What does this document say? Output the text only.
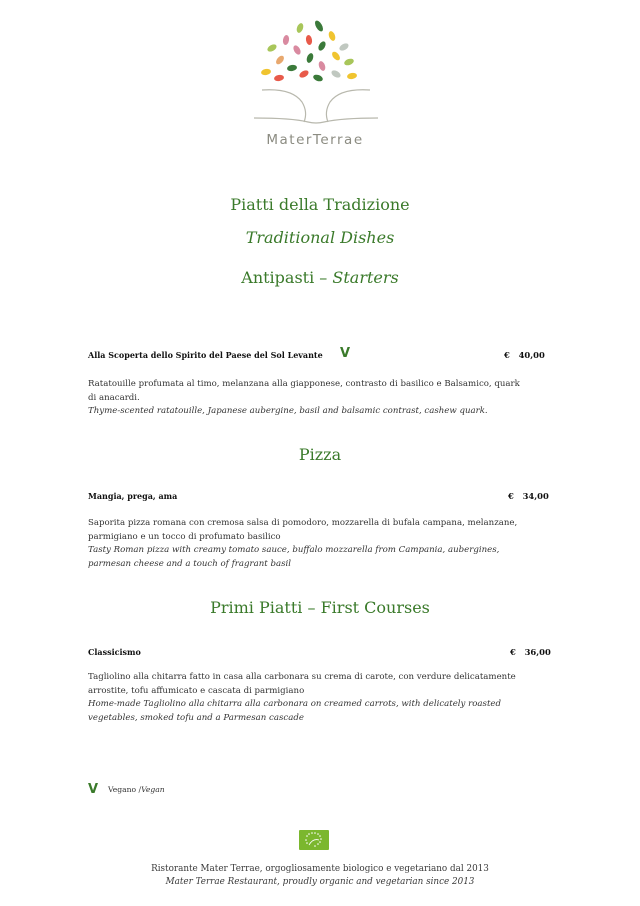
MaterTerrae
Piatti della Tradizione
Traditional Dishes
Antipasti – Starters
Alla Scoperta dello Spirito del Paese del Sol Levante V	€   40,00
Ratatouille profumata al timo, melanzana alla giapponese, contrasto di basilico e Balsamico, quark di anacardi.
Thyme-scented ratatouille, Japanese aubergine, basil and balsamic contrast, cashew quark.
Pizza
Mangia, prega, ama	€   34,00
Saporita pizza romana con cremosa salsa di pomodoro, mozzarella di bufala campana, melanzane, parmigiano e un tocco di profumato basilico
Tasty Roman pizza with creamy tomato sauce, buffalo mozzarella from Campania, aubergines, parmesan cheese and a touch of fragrant basil
Primi Piatti – First Courses
Classicismo	€   36,00
Tagliolino alla chitarra fatto in casa alla carbonara su crema di carote, con verdure delicatamente arrostite, tofu affumicato e cascata di parmigiano
Home-made Tagliolino alla chitarra alla carbonara on creamed carrots, with delicately roasted vegetables, smoked tofu and a Parmesan cascade
V Vegano /Vegan
Ristorante Mater Terrae, orgogliosamente biologico e vegetariano dal 2013
Mater Terrae Restaurant, proudly organic and vegetarian since 2013
